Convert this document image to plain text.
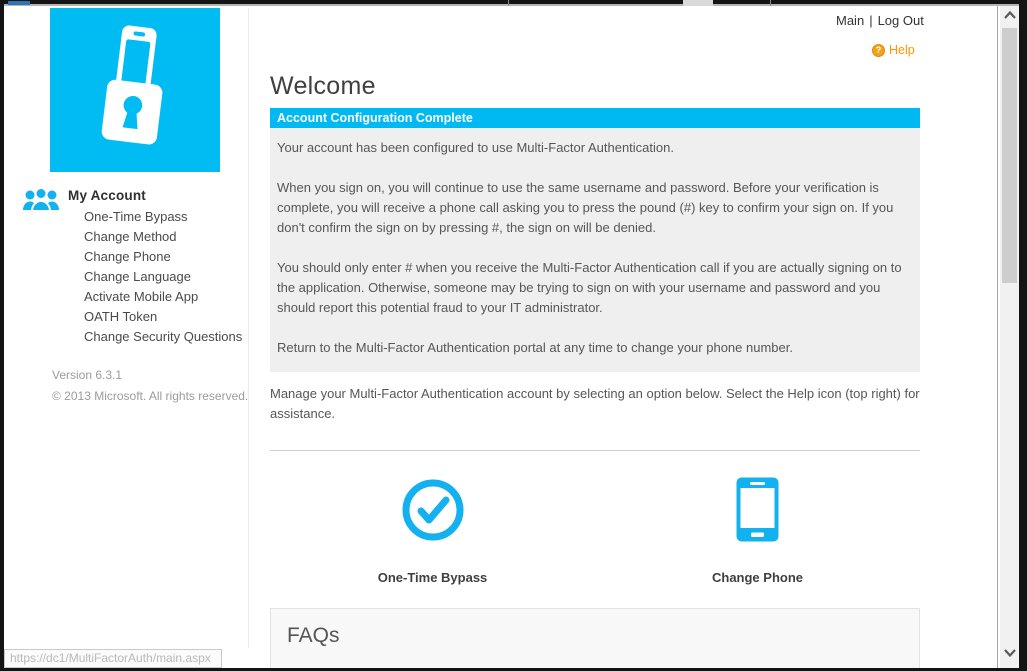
My Account
One-Time Bypass
Change Method
Change Phone
Change Language
Activate Mobile App
OATH Token
Change Security Questions
Version 6.3.1
© 2013 Microsoft. All rights reserved.
Main | Log Out
? Help
Welcome
Account Configuration Complete

Your account has been configured to use Multi-Factor Authentication.

When you sign on, you will continue to use the same username and password. Before your verification is complete, you will receive a phone call asking you to press the pound (#) key to confirm your sign on. If you don't confirm the sign on by pressing #, the sign on will be denied.

You should only enter # when you receive the Multi-Factor Authentication call if you are actually signing on to the application. Otherwise, someone may be trying to sign on with your username and password and you should report this potential fraud to your IT administrator.

Return to the Multi-Factor Authentication portal at any time to change your phone number.

Manage your Multi-Factor Authentication account by selecting an option below. Select the Help icon (top right) for assistance.

One-Time Bypass	Change Phone
FAQs
https://dc1/MultiFactorAuth/main.aspx
